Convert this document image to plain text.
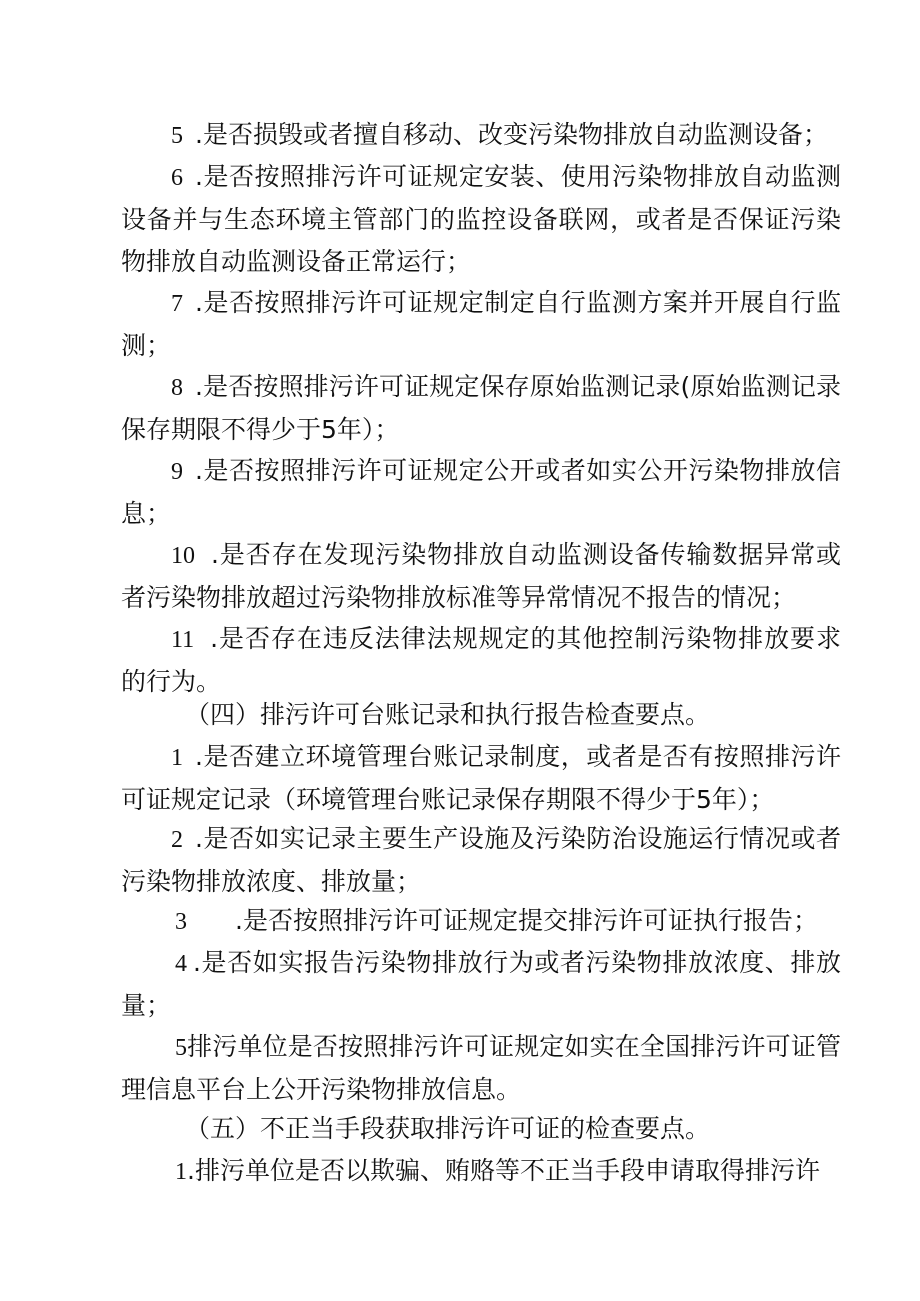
5 .是否损毁或者擅自移动、改变污染物排放自动监测设备；

6 .是否按照排污许可证规定安装、使用污染物排放自动监测设备并与生态环境主管部门的监控设备联网，或者是否保证污染物排放自动监测设备正常运行；

7 .是否按照排污许可证规定制定自行监测方案并开展自行监测；

8 .是否按照排污许可证规定保存原始监测记录(原始监测记录保存期限不得少于5年）；

9 .是否按照排污许可证规定公开或者如实公开污染物排放信息；

10 .是否存在发现污染物排放自动监测设备传输数据异常或者污染物排放超过污染物排放标准等异常情况不报告的情况；

11 .是否存在违反法律法规规定的其他控制污染物排放要求的行为。

（四）排污许可台账记录和执行报告检查要点。

1 .是否建立环境管理台账记录制度，或者是否有按照排污许可证规定记录（环境管理台账记录保存期限不得少于5年）；

2 .是否如实记录主要生产设施及污染防治设施运行情况或者污染物排放浓度、排放量；

3 .是否按照排污许可证规定提交排污许可证执行报告；

4 .是否如实报告污染物排放行为或者污染物排放浓度、排放量；

5排污单位是否按照排污许可证规定如实在全国排污许可证管理信息平台上公开污染物排放信息。

（五）不正当手段获取排污许可证的检查要点。

1.排污单位是否以欺骗、贿赂等不正当手段申请取得排污许
